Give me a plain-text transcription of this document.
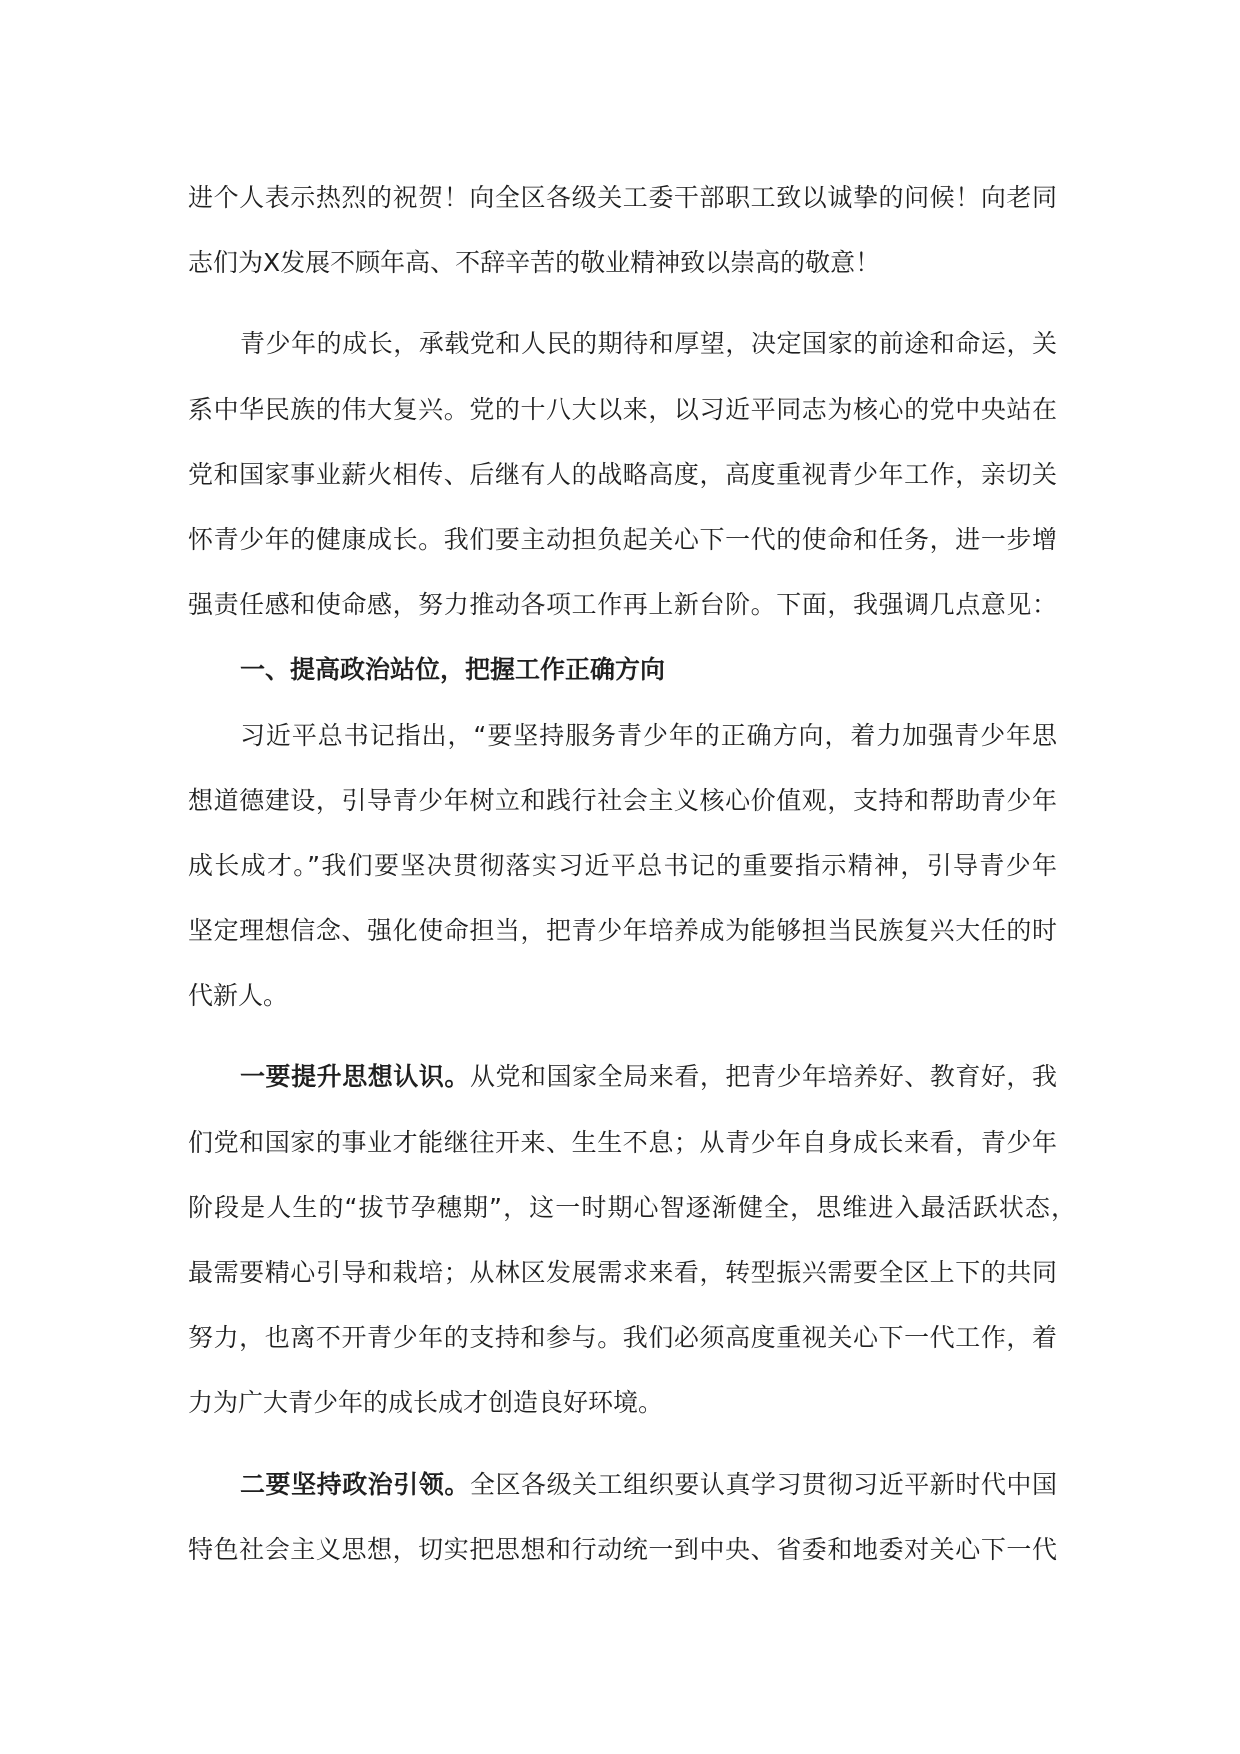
进个人表示热烈的祝贺！向全区各级关工委干部职工致以诚挚的问候！向老同
志们为X发展不顾年高、不辞辛苦的敬业精神致以崇高的敬意！
青少年的成长，承载党和人民的期待和厚望，决定国家的前途和命运，关
系中华民族的伟大复兴。党的十八大以来，以习近平同志为核心的党中央站在
党和国家事业薪火相传、后继有人的战略高度，高度重视青少年工作，亲切关
怀青少年的健康成长。我们要主动担负起关心下一代的使命和任务，进一步增
强责任感和使命感，努力推动各项工作再上新台阶。下面，我强调几点意见：
一、提高政治站位，把握工作正确方向
习近平总书记指出，“要坚持服务青少年的正确方向，着力加强青少年思
想道德建设，引导青少年树立和践行社会主义核心价值观，支持和帮助青少年
成长成才。”我们要坚决贯彻落实习近平总书记的重要指示精神，引导青少年
坚定理想信念、强化使命担当，把青少年培养成为能够担当民族复兴大任的时
代新人。
一要提升思想认识。从党和国家全局来看，把青少年培养好、教育好，我
们党和国家的事业才能继往开来、生生不息；从青少年自身成长来看，青少年
阶段是人生的“拔节孕穗期”，这一时期心智逐渐健全，思维进入最活跃状态，
最需要精心引导和栽培；从林区发展需求来看，转型振兴需要全区上下的共同
努力，也离不开青少年的支持和参与。我们必须高度重视关心下一代工作，着
力为广大青少年的成长成才创造良好环境。
二要坚持政治引领。全区各级关工组织要认真学习贯彻习近平新时代中国
特色社会主义思想，切实把思想和行动统一到中央、省委和地委对关心下一代
